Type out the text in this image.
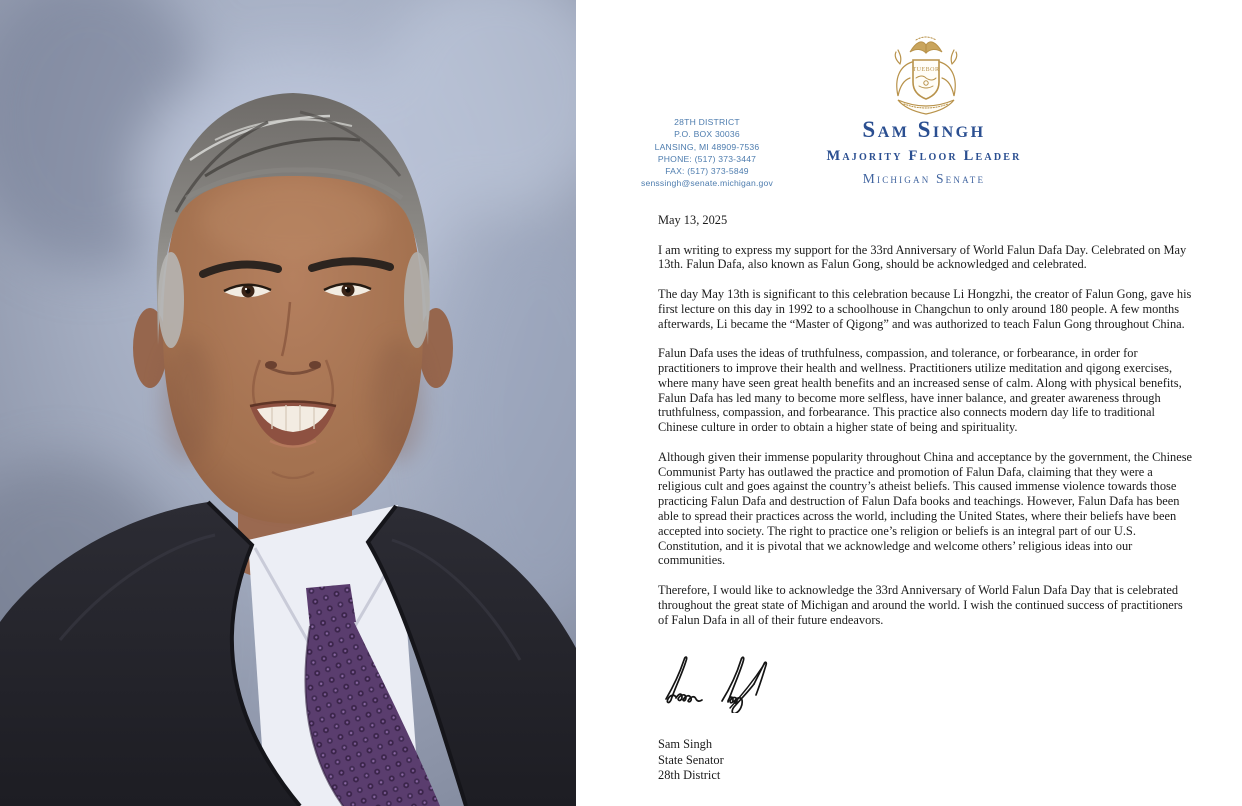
28TH DISTRICT
P.O. BOX 30036
LANSING, MI 48909-7536
PHONE: (517) 373-3447
FAX: (517) 373-5849
senssingh@senate.michigan.gov
TUEBOR
Sam Singh
Majority Floor Leader
Michigan Senate

May 13, 2025

I am writing to express my support for the 33rd Anniversary of World Falun Dafa Day. Celebrated on May 13th. Falun Dafa, also known as Falun Gong, should be acknowledged and celebrated.

The day May 13th is significant to this celebration because Li Hongzhi, the creator of Falun Gong, gave his first lecture on this day in 1992 to a schoolhouse in Changchun to only around 180 people. A few months afterwards, Li became the “Master of Qigong” and was authorized to teach Falun Gong throughout China.

Falun Dafa uses the ideas of truthfulness, compassion, and tolerance, or forbearance, in order for practitioners to improve their health and wellness. Practitioners utilize meditation and qigong exercises, where many have seen great health benefits and an increased sense of calm. Along with physical benefits, Falun Dafa has led many to become more selfless, have inner balance, and greater awareness through truthfulness, compassion, and forbearance. This practice also connects modern day life to traditional Chinese culture in order to obtain a higher state of being and spirituality.

Although given their immense popularity throughout China and acceptance by the government, the Chinese Communist Party has outlawed the practice and promotion of Falun Dafa, claiming that they were a religious cult and goes against the country’s atheist beliefs. This caused immense violence towards those practicing Falun Dafa and destruction of Falun Dafa books and teachings. However, Falun Dafa has been able to spread their practices across the world, including the United States, where their beliefs have been accepted into society. The right to practice one’s religion or beliefs is an integral part of our U.S. Constitution, and it is pivotal that we acknowledge and welcome others’ religious ideas into our communities.

Therefore, I would like to acknowledge the 33rd Anniversary of World Falun Dafa Day that is celebrated throughout the great state of Michigan and around the world. I wish the continued success of practitioners of Falun Dafa in all of their future endeavors.

Sam Singh
State Senator
28th District
